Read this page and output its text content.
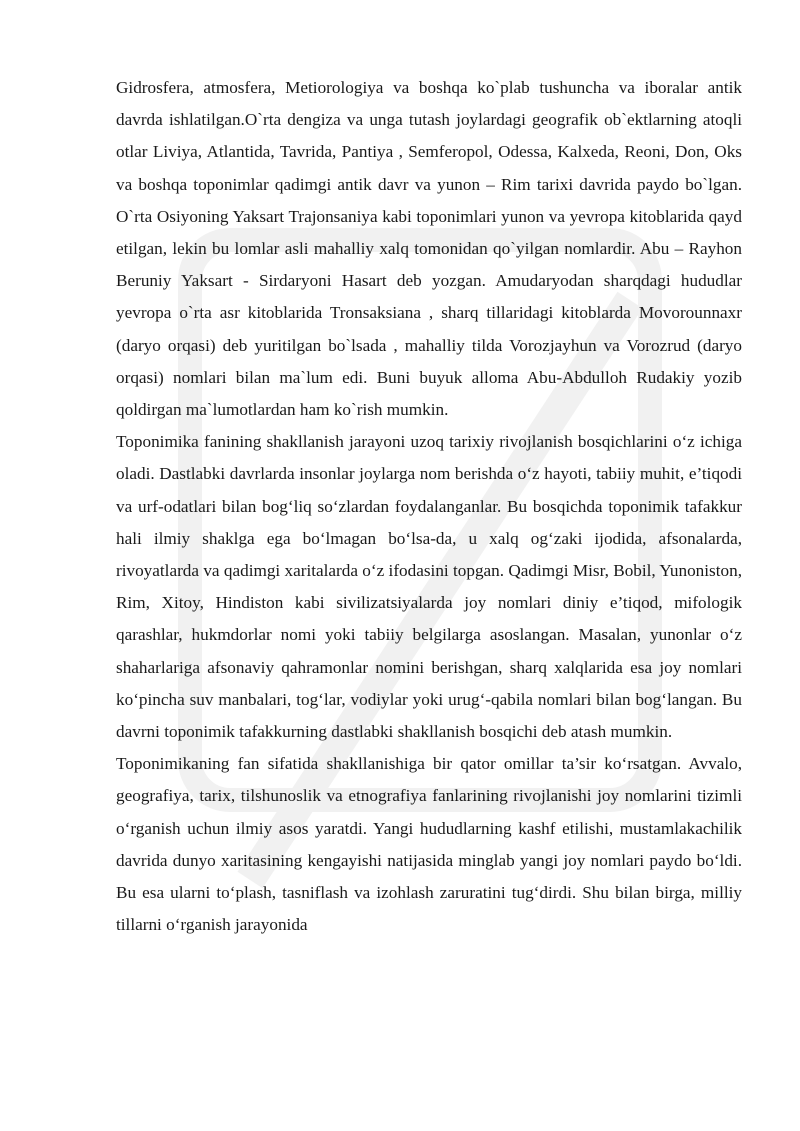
Gidrosfera, atmosfera, Metiorologiya va boshqa ko`plab tushuncha va iboralar antik davrda ishlatilgan.O`rta dengiza va unga tutash joylardagi geografik ob`ektlarning atoqli otlar Liviya, Atlantida, Tavrida, Pantiya , Semferopol, Odessa, Kalxeda, Reoni, Don, Oks va boshqa toponimlar qadimgi antik davr va yunon – Rim tarixi davrida paydo bo`lgan. O`rta Osiyoning Yaksart Trajonsaniya kabi toponimlari yunon va yevropa kitoblarida qayd etilgan, lekin bu lomlar asli mahalliy xalq tomonidan qo`yilgan nomlardir. Abu – Rayhon Beruniy Yaksart - Sirdaryoni Hasart deb yozgan. Amudaryodan sharqdagi hududlar yevropa o`rta asr kitoblarida Tronsaksiana , sharq tillaridagi kitoblarda Movorounnaxr (daryo orqasi) deb yuritilgan bo`lsada , mahalliy tilda Vorozjayhun va Vorozrud (daryo orqasi) nomlari bilan ma`lum edi. Buni buyuk alloma Abu-Abdulloh Rudakiy yozib qoldirgan ma`lumotlardan ham ko`rish mumkin.

Toponimika fanining shakllanish jarayoni uzoq tarixiy rivojlanish bosqichlarini o‘z ichiga oladi. Dastlabki davrlarda insonlar joylarga nom berishda o‘z hayoti, tabiiy muhit, e’tiqodi va urf-odatlari bilan bog‘liq so‘zlardan foydalanganlar. Bu bosqichda toponimik tafakkur hali ilmiy shaklga ega bo‘lmagan bo‘lsa-da, u xalq og‘zaki ijodida, afsonalarda, rivoyatlarda va qadimgi xaritalarda o‘z ifodasini topgan. Qadimgi Misr, Bobil, Yunoniston, Rim, Xitoy, Hindiston kabi sivilizatsiyalarda joy nomlari diniy e’tiqod, mifologik qarashlar, hukmdorlar nomi yoki tabiiy belgilarga asoslangan. Masalan, yunonlar o‘z shaharlariga afsonaviy qahramonlar nomini berishgan, sharq xalqlarida esa joy nomlari ko‘pincha suv manbalari, tog‘lar, vodiylar yoki urug‘-qabila nomlari bilan bog‘langan. Bu davrni toponimik tafakkurning dastlabki shakllanish bosqichi deb atash mumkin.

Toponimikaning fan sifatida shakllanishiga bir qator omillar ta’sir ko‘rsatgan. Avvalo, geografiya, tarix, tilshunoslik va etnografiya fanlarining rivojlanishi joy nomlarini tizimli o‘rganish uchun ilmiy asos yaratdi. Yangi hududlarning kashf etilishi, mustamlakachilik davrida dunyo xaritasining kengayishi natijasida minglab yangi joy nomlari paydo bo‘ldi. Bu esa ularni to‘plash, tasniflash va izohlash zaruratini tug‘dirdi. Shu bilan birga, milliy tillarni o‘rganish jarayonida
